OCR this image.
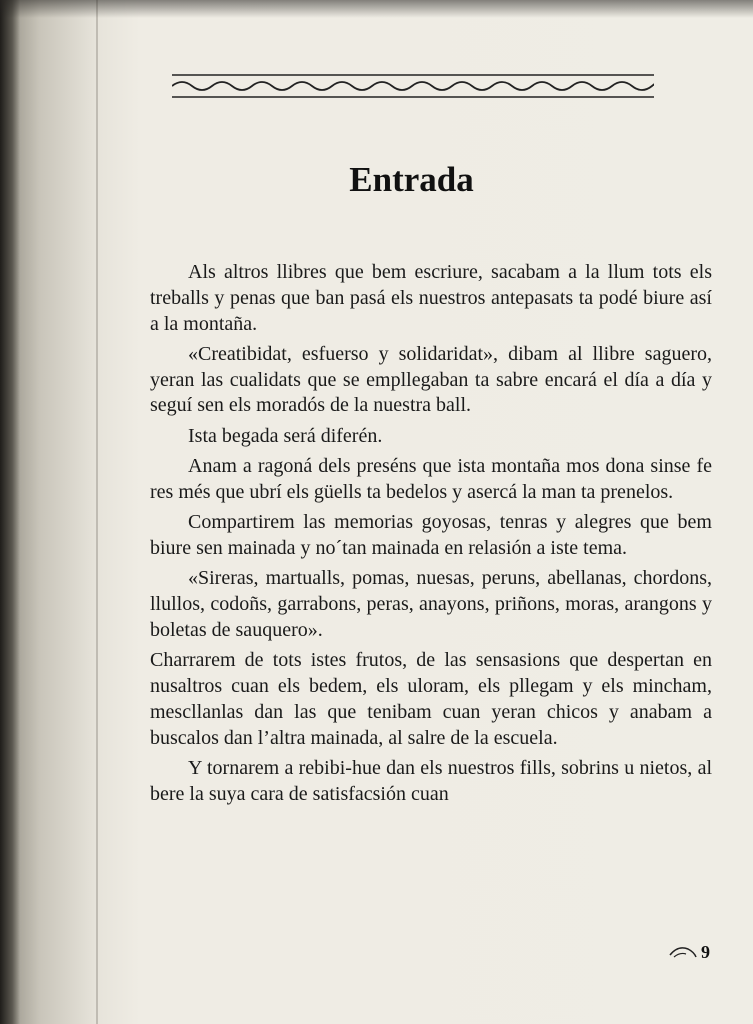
Entrada

Als altros llibres que bem escriure, sacabam a la llum tots els treballs y penas que ban pasá els nuestros antepasats ta podé biure así a la montaña.

«Creatibidat, esfuerso y solidaridat», dibam al llibre saguero, yeran las cualidats que se empllegaban ta sabre encará el día a día y seguí sen els moradós de la nuestra ball.

Ista begada será diferén.

Anam a ragoná dels preséns que ista montaña mos dona sinse fe res més que ubrí els güells ta bedelos y aserсá la man ta prenelos.

Compartirem las memorias goyosas, tenras y alegres que bem biure sen mainada y no´tan mainada en relasión a iste tema.

«Sireras, martualls, pomas, nuesas, peruns, abellanas, chordons, llullos, codoñs, garrabons, peras, anayons, priñons, moras, arangons y boletas de sauquero».

Charrarem de tots istes frutos, de las sensasions que despertan en nusaltros cuan els bedem, els uloram, els pllegam y els mincham, mescllanlas dan las que tenibam cuan yeran chicos y anabam a buscalos dan l’altra mainada, al salre de la escuela.

Y tornarem a rebibi-hue dan els nuestros fills, sobrins u nietos, al bere la suya cara de satisfacsión cuan

9
